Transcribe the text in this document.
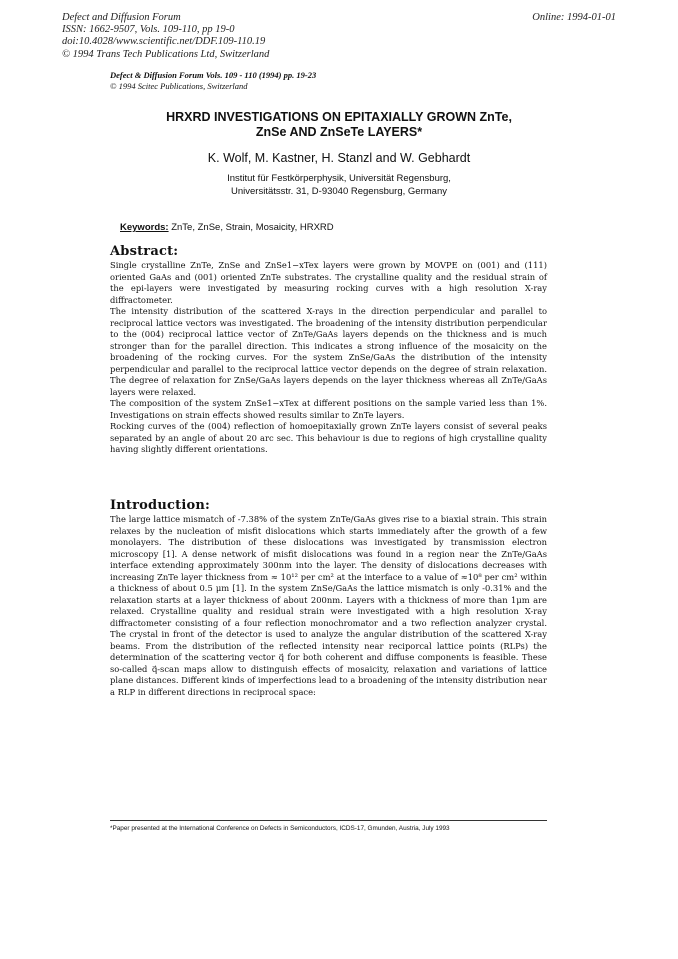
Defect and Diffusion Forum
ISSN: 1662-9507, Vols. 109-110, pp 19-0
doi:10.4028/www.scientific.net/DDF.109-110.19
© 1994 Trans Tech Publications Ltd, Switzerland
Online: 1994-01-01
Defect & Diffusion Forum Vols. 109 - 110 (1994) pp. 19-23
© 1994 Scitec Publications, Switzerland
HRXRD INVESTIGATIONS ON EPITAXIALLY GROWN ZnTe,
ZnSe AND ZnSeTe LAYERS*
K. Wolf, M. Kastner, H. Stanzl and W. Gebhardt
Institut für Festkörperphysik, Universität Regensburg,
Universitätsstr. 31, D-93040 Regensburg, Germany
Keywords: ZnTe, ZnSe, Strain, Mosaicity, HRXRD
Abstract:

Single crystalline ZnTe, ZnSe and ZnSe1−xTex layers were grown by MOVPE on (001) and (111) oriented GaAs and (001) oriented ZnTe substrates. The crystalline quality and the residual strain of the epi-layers were investigated by measuring rocking curves with a high resolution X-ray diffractometer.

The intensity distribution of the scattered X-rays in the direction perpendicular and parallel to reciprocal lattice vectors was investigated. The broadening of the intensity distribution perpendicular to the (004) reciprocal lattice vector of ZnTe/GaAs layers depends on the thickness and is much stronger than for the parallel direction. This indicates a strong influence of the mosaicity on the broadening of the rocking curves. For the system ZnSe/GaAs the distribution of the intensity perpendicular and parallel to the reciprocal lattice vector depends on the degree of strain relaxation. The degree of relaxation for ZnSe/GaAs layers depends on the layer thickness whereas all ZnTe/GaAs layers were relaxed.

The composition of the system ZnSe1−xTex at different positions on the sample varied less than 1%. Investigations on strain effects showed results similar to ZnTe layers.

Rocking curves of the (004) reflection of homoepitaxially grown ZnTe layers consist of several peaks separated by an angle of about 20 arc sec. This behaviour is due to regions of high crystalline quality having slightly different orientations.

Introduction:

The large lattice mismatch of -7.38% of the system ZnTe/GaAs gives rise to a biaxial strain. This strain relaxes by the nucleation of misfit dislocations which starts immediately after the growth of a few monolayers. The distribution of these dislocations was investigated by transmission electron microscopy [1]. A dense network of misfit dislocations was found in a region near the ZnTe/GaAs interface extending approximately 300nm into the layer. The density of dislocations decreases with increasing ZnTe layer thickness from ≈ 10¹² per cm² at the interface to a value of ≈10⁸ per cm² within a thickness of about 0.5 μm [1]. In the system ZnSe/GaAs the lattice mismatch is only -0.31% and the relaxation starts at a layer thickness of about 200nm. Layers with a thickness of more than 1μm are relaxed. Crystalline quality and residual strain were investigated with a high resolution X-ray diffractometer consisting of a four reflection monochromator and a two reflection analyzer crystal. The crystal in front of the detector is used to analyze the angular distribution of the scattered X-ray beams. From the distribution of the reflected intensity near reciporcal lattice points (RLPs) the determination of the scattering vector q⃗ for both coherent and diffuse components is feasible. These so-called q⃗-scan maps allow to distinguish effects of mosaicity, relaxation and variations of lattice plane distances. Different kinds of imperfections lead to a broadening of the intensity distribution near a RLP in different directions in reciprocal space:

*Paper presented at the International Conference on Defects in Semiconductors, ICDS-17, Gmunden, Austria, July 1993
